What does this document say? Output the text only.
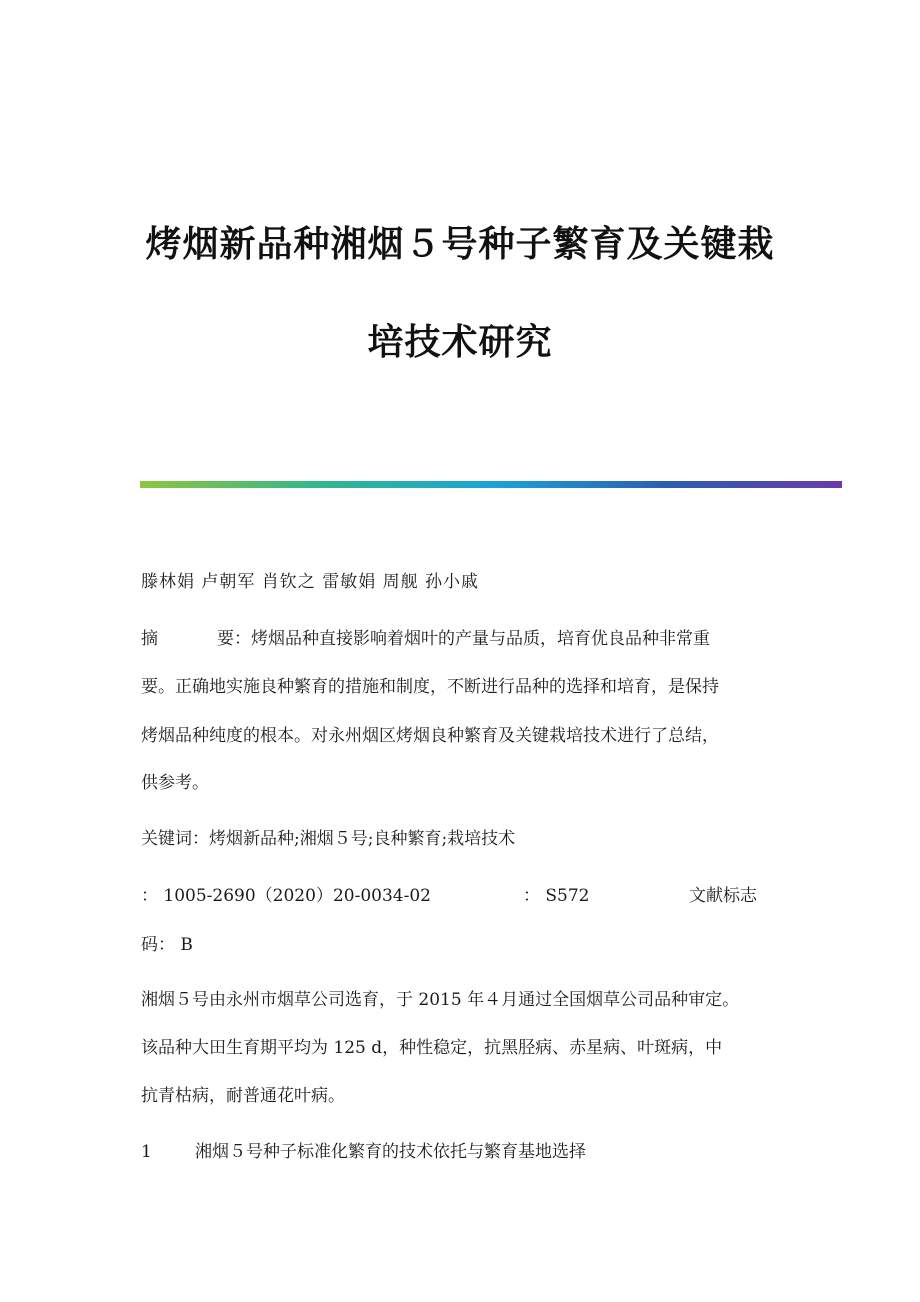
烤烟新品种湘烟５号种子繁育及关键栽
培技术研究
滕林娟 卢朝军 肖钦之 雷敏娟 周舰 孙小戚
摘	要：烤烟品种直接影响着烟叶的产量与品质，培育优良品种非常重
要。正确地实施良种繁育的措施和制度，不断进行品种的选择和培育，是保持
烤烟品种纯度的根本。对永州烟区烤烟良种繁育及关键栽培技术进行了总结，
供参考。
关键词：烤烟新品种;湘烟５号;良种繁育;栽培技术
： 1005-2690（2020）20-0034-02	： S572	文献标志
码： B
湘烟５号由永州市烟草公司选育，于 2015 年４月通过全国烟草公司品种审定。
该品种大田生育期平均为 125 d，种性稳定，抗黑胫病、赤星病、叶斑病，中
抗青枯病，耐普通花叶病。
1	湘烟５号种子标准化繁育的技术依托与繁育基地选择
